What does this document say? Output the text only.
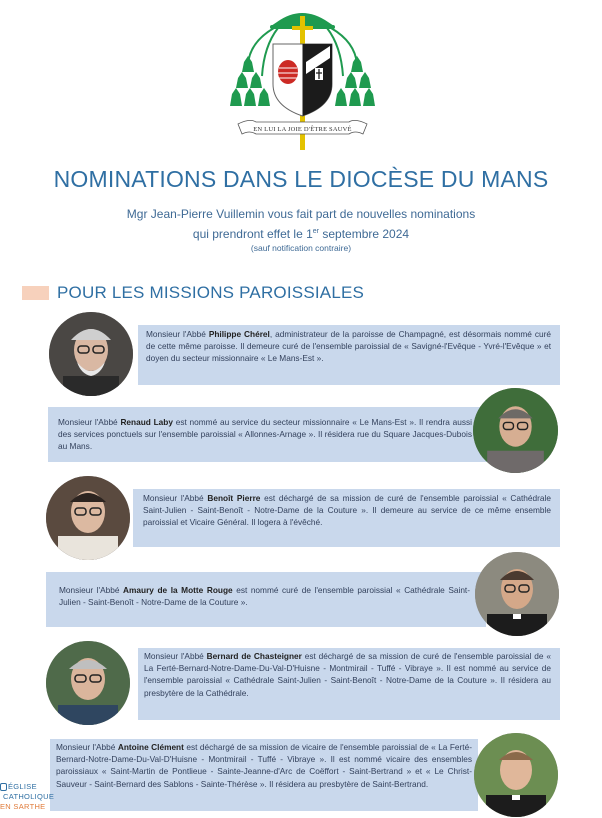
EN LUI LA JOIE D'ÊTRE SAUVÉ
NOMINATIONS DANS LE DIOCÈSE DU MANS
Mgr Jean-Pierre Vuillemin vous fait part de nouvelles nominations
qui prendront effet le 1er septembre 2024
(sauf notification contraire)
POUR LES MISSIONS PAROISSIALES
Monsieur l'Abbé Philippe Chérel, administrateur de la paroisse de Champagné, est désormais nommé curé de cette même paroisse. Il demeure curé de l'ensemble paroissial de « Savigné-l'Evêque - Yvré-l'Evêque » et doyen du secteur missionnaire « Le Mans-Est ».
Monsieur l'Abbé Renaud Laby est nommé au service du secteur missionnaire « Le Mans-Est ». Il rendra aussi des services ponctuels sur l'ensemble paroissial « Allonnes-Arnage ». Il résidera rue du Square Jacques-Dubois au Mans.
Monsieur l'Abbé Benoît Pierre est déchargé de sa mission de curé de l'ensemble paroissial « Cathédrale Saint-Julien - Saint-Benoît - Notre-Dame de la Couture ». Il demeure au service de ce même ensemble paroissial et Vicaire Général. Il logera à l'évêché.
Monsieur l'Abbé Amaury de la Motte Rouge est nommé curé de l'ensemble paroissial « Cathédrale Saint-Julien - Saint-Benoît - Notre-Dame de la Couture ».
Monsieur l'Abbé Bernard de Chasteigner est déchargé de sa mission de curé de l'ensemble paroissial de « La Ferté-Bernard-Notre-Dame-Du-Val-D'Huisne - Montmirail - Tuffé - Vibraye ». Il est nommé au service de l'ensemble paroissial « Cathédrale Saint-Julien - Saint-Benoît - Notre-Dame de la Couture ». Il résidera au presbytère de la Cathédrale.
Monsieur l'Abbé Antoine Clément est déchargé de sa mission de vicaire de l'ensemble paroissial de « La Ferté-Bernard-Notre-Dame-Du-Val-D'Huisne - Montmirail - Tuffé - Vibraye ». Il est nommé vicaire des ensembles paroissiaux « Saint-Martin de Pontlieue - Sainte-Jeanne-d'Arc de Coëffort - Saint-Bertrand » et « Le Christ-Sauveur - Saint-Bernard des Sablons - Sainte-Thérèse ». Il résidera au presbytère de Saint-Bertrand.
ÉGLISE
CATHOLIQUE
EN SARTHE
